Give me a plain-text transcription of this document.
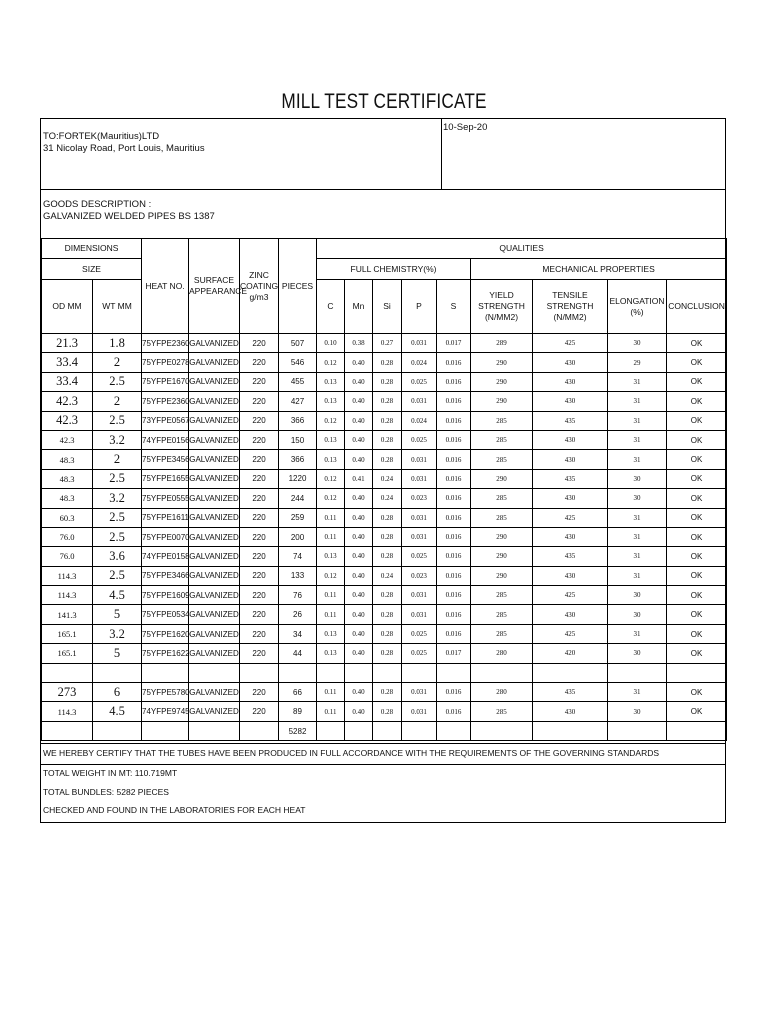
MILL TEST CERTIFICATE
TO:FORTEK(Mauritius)LTD
31 Nicolay Road, Port Louis, Mauritius
10-Sep-20
GOODS DESCRIPTION :
GALVANIZED WELDED PIPES BS 1387
DIMENSIONS		HEAT NO.	SURFACE APPEARANCE	ZINC COATING g/m3	PIECES	QUALITIES								
SIZE						FULL CHEMISTRY(%)					MECHANICAL PROPERTIES			
OD MM	WT MM					C	Mn	Si	P	S	YIELD STRENGTH (N/MM2)	TENSILE STRENGTH (N/MM2)	ELONGATION (%)	CONCLUSION
21.3	1.8	75YFPE2360	GALVANIZED	220	507	0.10	0.38	0.27	0.031	0.017	289	425	30	OK
33.4	2	75YFPE0278	GALVANIZED	220	546	0.12	0.40	0.28	0.024	0.016	290	430	29	OK
33.4	2.5	75YFPE1670	GALVANIZED	220	455	0.13	0.40	0.28	0.025	0.016	290	430	31	OK
42.3	2	75YFPE2360	GALVANIZED	220	427	0.13	0.40	0.28	0.031	0.016	290	430	31	OK
42.3	2.5	73YFPE0567	GALVANIZED	220	366	0.12	0.40	0.28	0.024	0.016	285	435	31	OK
42.3	3.2	74YFPE0156	GALVANIZED	220	150	0.13	0.40	0.28	0.025	0.016	285	430	31	OK
48.3	2	75YFPE3456	GALVANIZED	220	366	0.13	0.40	0.28	0.031	0.016	285	430	31	OK
48.3	2.5	75YFPE1655	GALVANIZED	220	1220	0.12	0.41	0.24	0.031	0.016	290	435	30	OK
48.3	3.2	75YFPE0555	GALVANIZED	220	244	0.12	0.40	0.24	0.023	0.016	285	430	30	OK
60.3	2.5	75YFPE1611	GALVANIZED	220	259	0.11	0.40	0.28	0.031	0.016	285	425	31	OK
76.0	2.5	75YFPE0070	GALVANIZED	220	200	0.11	0.40	0.28	0.031	0.016	290	430	31	OK
76.0	3.6	74YFPE0158	GALVANIZED	220	74	0.13	0.40	0.28	0.025	0.016	290	435	31	OK
114.3	2.5	75YFPE3466	GALVANIZED	220	133	0.12	0.40	0.24	0.023	0.016	290	430	31	OK
114.3	4.5	75YFPE1609	GALVANIZED	220	76	0.11	0.40	0.28	0.031	0.016	285	425	30	OK
141.3	5	75YFPE0534	GALVANIZED	220	26	0.11	0.40	0.28	0.031	0.016	285	430	30	OK
165.1	3.2	75YFPE1620	GALVANIZED	220	34	0.13	0.40	0.28	0.025	0.016	285	425	31	OK
165.1	5	75YFPE1622	GALVANIZED	220	44	0.13	0.40	0.28	0.025	0.017	280	420	30	OK

273	6	75YFPE5780	GALVANIZED	220	66	0.11	0.40	0.28	0.031	0.016	280	435	31	OK
114.3	4.5	74YFPE9745	GALVANIZED	220	89	0.11	0.40	0.28	0.031	0.016	285	430	30	OK
					5282									
WE HEREBY CERTIFY THAT THE TUBES HAVE BEEN PRODUCED IN FULL ACCORDANCE WITH THE REQUIREMENTS OF THE GOVERNING STANDARDS
TOTAL WEIGHT IN MT: 110.719MT
TOTAL BUNDLES: 5282 PIECES
CHECKED AND FOUND IN THE LABORATORIES FOR EACH HEAT
